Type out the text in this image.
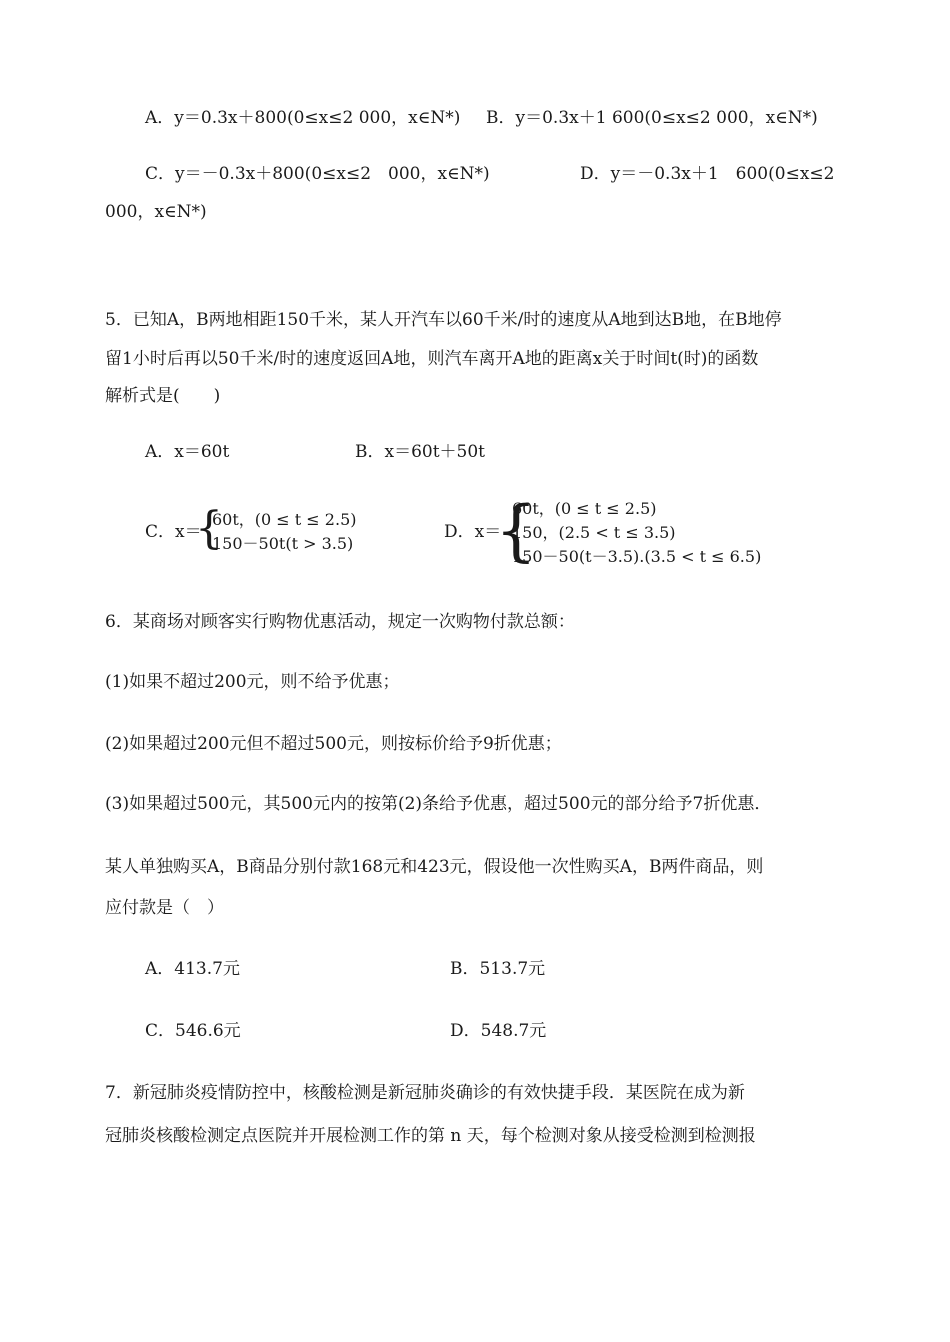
A．y＝0.3x＋800(0≤x≤2 000，x∈N*) B．y＝0.3x＋1 600(0≤x≤2 000，x∈N*)
C．y＝－0.3x＋800(0≤x≤2　000，x∈N*)	D．y＝－0.3x＋1　600(0≤x≤2
000，x∈N*)
5．已知A，B两地相距150千米，某人开汽车以60千米/时的速度从A地到达B地，在B地停
留1小时后再以50千米/时的速度返回A地，则汽车离开A地的距离x关于时间t(时)的函数
解析式是(　　)
A．x＝60t	B．x＝60t＋50t
C．x＝
{
60t，(0 ≤ t ≤ 2.5)
150－50t(t > 3.5)
D．x＝
{
60t，(0 ≤ t ≤ 2.5)
150，(2.5 < t ≤ 3.5)
150－50(t－3.5).(3.5 < t ≤ 6.5)
6．某商场对顾客实行购物优惠活动，规定一次购物付款总额：
(1)如果不超过200元，则不给予优惠；
(2)如果超过200元但不超过500元，则按标价给予9折优惠；
(3)如果超过500元，其500元内的按第(2)条给予优惠，超过500元的部分给予7折优惠．
某人单独购买A，B商品分别付款168元和423元，假设他一次性购买A，B两件商品，则
应付款是（　）
A．413.7元	B．513.7元
C．546.6元	D．548.7元
7．新冠肺炎疫情防控中，核酸检测是新冠肺炎确诊的有效快捷手段．某医院在成为新
冠肺炎核酸检测定点医院并开展检测工作的第 n 天，每个检测对象从接受检测到检测报
